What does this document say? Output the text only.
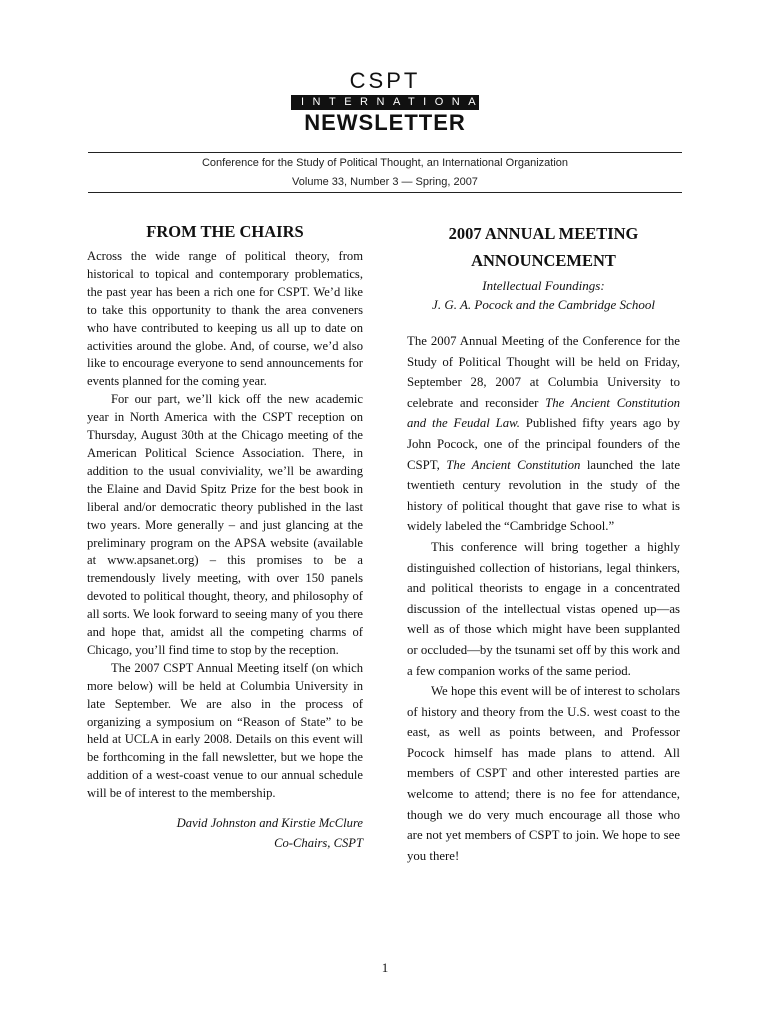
CSPT
INTERNATIONAL
NEWSLETTER
Conference for the Study of Political Thought, an International Organization
Volume 33, Number 3 — Spring, 2007
FROM THE CHAIRS

Across the wide range of political theory, from historical to topical and contemporary problematics, the past year has been a rich one for CSPT. We’d like to take this opportunity to thank the area conveners who have contributed to keeping us all up to date on activities around the globe. And, of course, we’d also like to encourage everyone to send announcements for events planned for the coming year.

For our part, we’ll kick off the new academic year in North America with the CSPT reception on Thursday, August 30th at the Chicago meeting of the American Political Science Association. There, in addition to the usual conviviality, we’ll be awarding the Elaine and David Spitz Prize for the best book in liberal and/or democratic theory published in the last two years. More generally – and just glancing at the preliminary program on the APSA website (available at www.apsanet.org) – this promises to be a tremendously lively meeting, with over 150 panels devoted to political thought, theory, and philosophy of all sorts. We look forward to seeing many of you there and hope that, amidst all the competing charms of Chicago, you’ll find time to stop by the reception.

The 2007 CSPT Annual Meeting itself (on which more below) will be held at Columbia University in late September. We are also in the process of organizing a symposium on “Reason of State” to be held at UCLA in early 2008. Details on this event will be forthcoming in the fall newsletter, but we hope the addition of a west-coast venue to our annual schedule will be of interest to the membership.

David Johnston and Kirstie McClure
Co-Chairs, CSPT
2007 ANNUAL MEETING
ANNOUNCEMENT
Intellectual Foundings:
J. G. A. Pocock and the Cambridge School

The 2007 Annual Meeting of the Conference for the Study of Political Thought will be held on Friday, September 28, 2007 at Columbia University to celebrate and reconsider The Ancient Constitution and the Feudal Law. Published fifty years ago by John Pocock, one of the principal founders of the CSPT, The Ancient Constitution launched the late twentieth century revolution in the study of the history of political thought that gave rise to what is widely labeled the “Cambridge School.”

This conference will bring together a highly distinguished collection of historians, legal thinkers, and political theorists to engage in a concentrated discussion of the intellectual vistas opened up—as well as of those which might have been supplanted or occluded—by the tsunami set off by this work and a few companion works of the same period.

We hope this event will be of interest to scholars of history and theory from the U.S. west coast to the east, as well as points between, and Professor Pocock himself has made plans to attend. All members of CSPT and other interested parties are welcome to attend; there is no fee for attendance, though we do very much encourage all those who are not yet members of CSPT to join. We hope to see you there!

1
